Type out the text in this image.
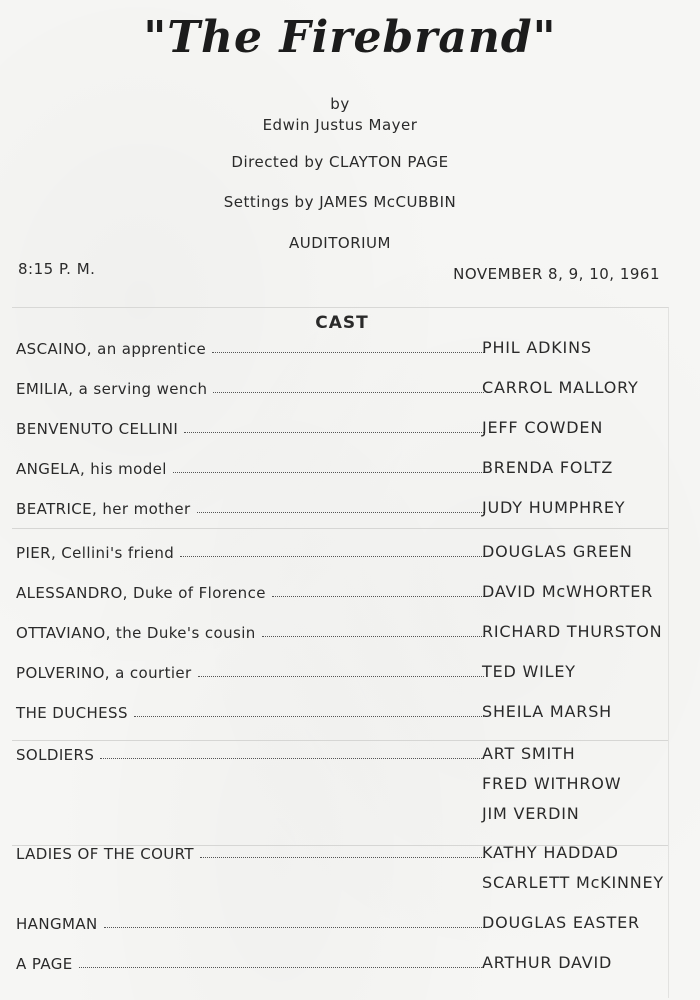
"The Firebrand"
by
Edwin Justus Mayer
Directed by CLAYTON PAGE
Settings by JAMES McCUBBIN
AUDITORIUM
8:15 P. M.	NOVEMBER 8, 9, 10, 1961
CAST
ASCAINO, an apprentice	PHIL ADKINS
EMILIA, a serving wench	CARROL MALLORY
BENVENUTO CELLINI	JEFF COWDEN
ANGELA, his model	BRENDA FOLTZ
BEATRICE, her mother	JUDY HUMPHREY
PIER, Cellini's friend	DOUGLAS GREEN
ALESSANDRO, Duke of Florence	DAVID McWHORTER
OTTAVIANO, the Duke's cousin	RICHARD THURSTON
POLVERINO, a courtier	TED WILEY
THE DUCHESS	SHEILA MARSH
SOLDIERS	ART SMITH
FRED WITHROW
JIM VERDIN
LADIES OF THE COURT	KATHY HADDAD
SCARLETT McKINNEY
HANGMAN	DOUGLAS EASTER
A PAGE	ARTHUR DAVID
